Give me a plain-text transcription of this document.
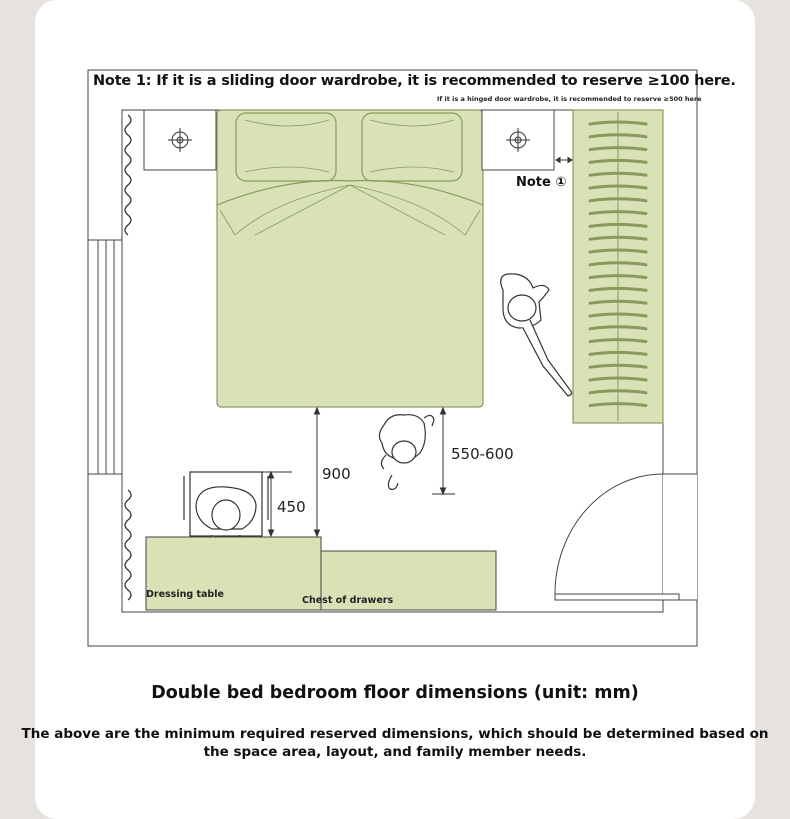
Note 1: If it is a sliding door wardrobe, it is recommended to reserve ≥100 here.
If it is a hinged door wardrobe, it is recommended to reserve ≥500 here
Note ①
900
450
550-600
Dressing table
Chest of drawers
Double bed bedroom floor dimensions (unit: mm)
The above are the minimum required reserved dimensions, which should be determined based on the space area, layout, and family member needs.
